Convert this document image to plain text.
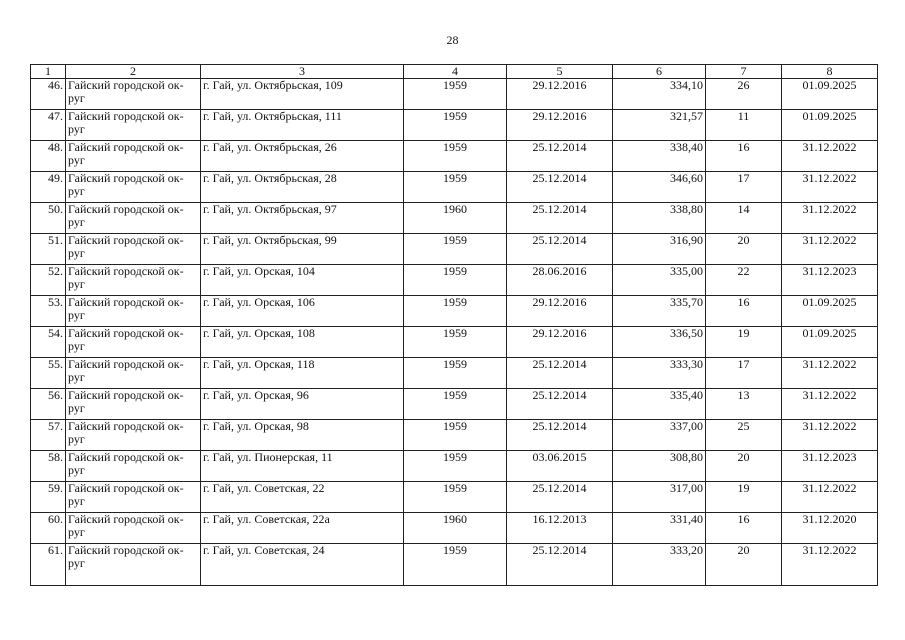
28
1	2	3	4	5	6	7	8
46.	Гайский городской ок-руг	г. Гай, ул. Октябрьская, 109	1959	29.12.2016	334,10	26	01.09.2025
47.	Гайский городской ок-руг	г. Гай, ул. Октябрьская, 111	1959	29.12.2016	321,57	11	01.09.2025
48.	Гайский городской ок-руг	г. Гай, ул. Октябрьская, 26	1959	25.12.2014	338,40	16	31.12.2022
49.	Гайский городской ок-руг	г. Гай, ул. Октябрьская, 28	1959	25.12.2014	346,60	17	31.12.2022
50.	Гайский городской ок-руг	г. Гай, ул. Октябрьская, 97	1960	25.12.2014	338,80	14	31.12.2022
51.	Гайский городской ок-руг	г. Гай, ул. Октябрьская, 99	1959	25.12.2014	316,90	20	31.12.2022
52.	Гайский городской ок-руг	г. Гай, ул. Орская, 104	1959	28.06.2016	335,00	22	31.12.2023
53.	Гайский городской ок-руг	г. Гай, ул. Орская, 106	1959	29.12.2016	335,70	16	01.09.2025
54.	Гайский городской ок-руг	г. Гай, ул. Орская, 108	1959	29.12.2016	336,50	19	01.09.2025
55.	Гайский городской ок-руг	г. Гай, ул. Орская, 118	1959	25.12.2014	333,30	17	31.12.2022
56.	Гайский городской ок-руг	г. Гай, ул. Орская, 96	1959	25.12.2014	335,40	13	31.12.2022
57.	Гайский городской ок-руг	г. Гай, ул. Орская, 98	1959	25.12.2014	337,00	25	31.12.2022
58.	Гайский городской ок-руг	г. Гай, ул. Пионерская, 11	1959	03.06.2015	308,80	20	31.12.2023
59.	Гайский городской ок-руг	г. Гай, ул. Советская, 22	1959	25.12.2014	317,00	19	31.12.2022
60.	Гайский городской ок-руг	г. Гай, ул. Советская, 22а	1960	16.12.2013	331,40	16	31.12.2020
61.	Гайский городской ок-руг	г. Гай, ул. Советская, 24	1959	25.12.2014	333,20	20	31.12.2022
